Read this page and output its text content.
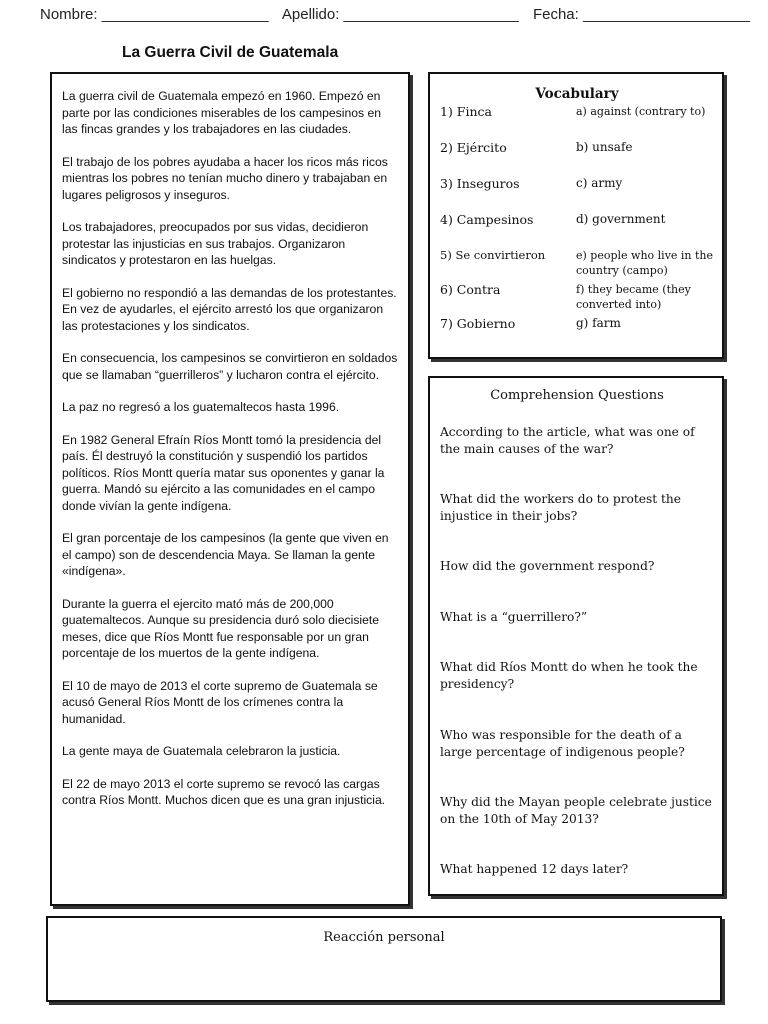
Nombre: ____________________ Apellido: _____________________ Fecha: ____________________
La Guerra Civil de Guatemala

La guerra civil de Guatemala empezó en 1960. Empezó en parte por las condiciones miserables de los campesinos en las fincas grandes y los trabajadores en las ciudades.

El trabajo de los pobres ayudaba a hacer los ricos más ricos mientras los pobres no tenían mucho dinero y trabajaban en lugares peligrosos y inseguros.

Los trabajadores, preocupados por sus vidas, decidieron protestar las injusticias en sus trabajos. Organizaron sindicatos y protestaron en las huelgas.

El gobierno no respondió a las demandas de los protestantes. En vez de ayudarles, el ejército arrestó los que organizaron las protestaciones y los sindicatos.

En consecuencia, los campesinos se convirtieron en soldados que se llamaban “guerrilleros” y lucharon contra el ejército.

La paz no regresó a los guatemaltecos hasta 1996.

En 1982 General Efraín Ríos Montt tomó la presidencia del país. Él destruyó la constitución y suspendió los partidos políticos. Ríos Montt quería matar sus oponentes y ganar la guerra. Mandó su ejército a las comunidades en el campo donde vivían la gente indígena.

El gran porcentaje de los campesinos (la gente que viven en el campo) son de descendencia Maya. Se llaman la gente «indígena».

Durante la guerra el ejercito mató más de 200,000 guatemaltecos. Aunque su presidencia duró solo diecisiete meses, dice que Ríos Montt fue responsable por un gran porcentaje de los muertos de la gente indígena.

El 10 de mayo de 2013 el corte supremo de Guatemala se acusó General Ríos Montt de los crímenes contra la humanidad.

La gente maya de Guatemala celebraron la justicia.

El 22 de mayo 2013 el corte supremo se revocó las cargas contra Ríos Montt. Muchos dicen que es una gran injusticia.

Vocabulary
1) Finca	a) against (contrary to)
2) Ejército	b) unsafe
3) Inseguros	c) army
4) Campesinos	d) government
5) Se convirtieron	e) people who live in the country (campo)
6) Contra	f) they became (they converted into)
7) Gobierno	g) farm
Comprehension Questions
According to the article, what was one of the main causes of the war?
What did the workers do to protest the injustice in their jobs?
How did the government respond?
What is a “guerrillero?”
What did Ríos Montt do when he took the presidency?
Who was responsible for the death of a large percentage of indigenous people?
Why did the Mayan people celebrate justice on the 10th of May 2013?
What happened 12 days later?
Reacción personal
